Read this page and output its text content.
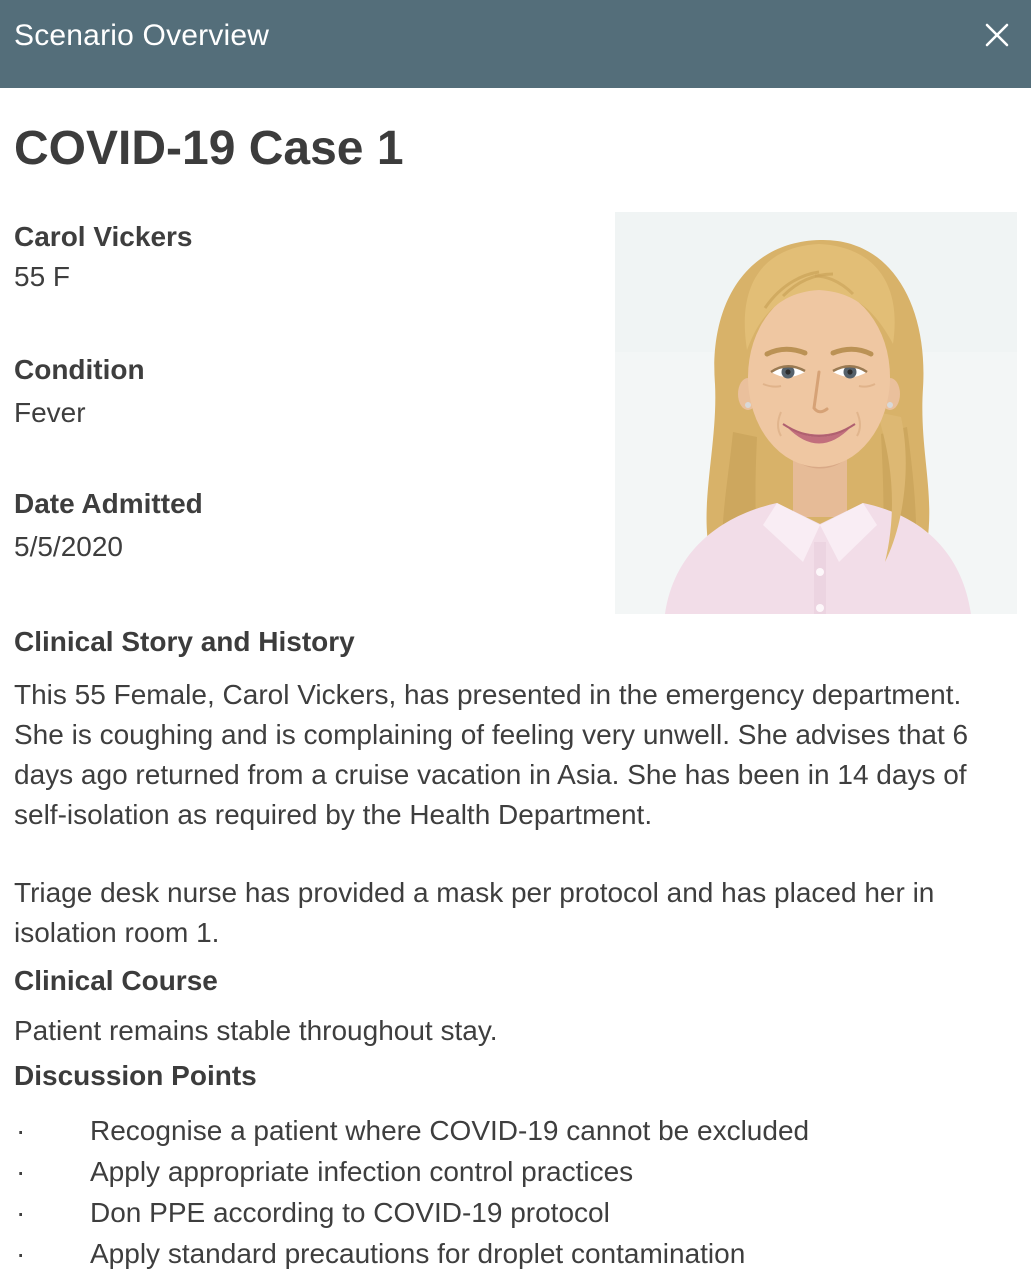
Scenario Overview
COVID-19 Case 1
Carol Vickers
55 F
Condition
Fever
Date Admitted
5/5/2020
Clinical Story and History

This 55 Female, Carol Vickers, has presented in the emergency department. She is coughing and is complaining of feeling very unwell. She advises that 6 days ago returned from a cruise vacation in Asia. She has been in 14 days of self-isolation as required by the Health Department.

Triage desk nurse has provided a mask per protocol and has placed her in isolation room 1.

Clinical Course

Patient remains stable throughout stay.

Discussion Points
·	Recognise a patient where COVID-19 cannot be excluded
·	Apply appropriate infection control practices
·	Don PPE according to COVID-19 protocol
·	Apply standard precautions for droplet contamination
